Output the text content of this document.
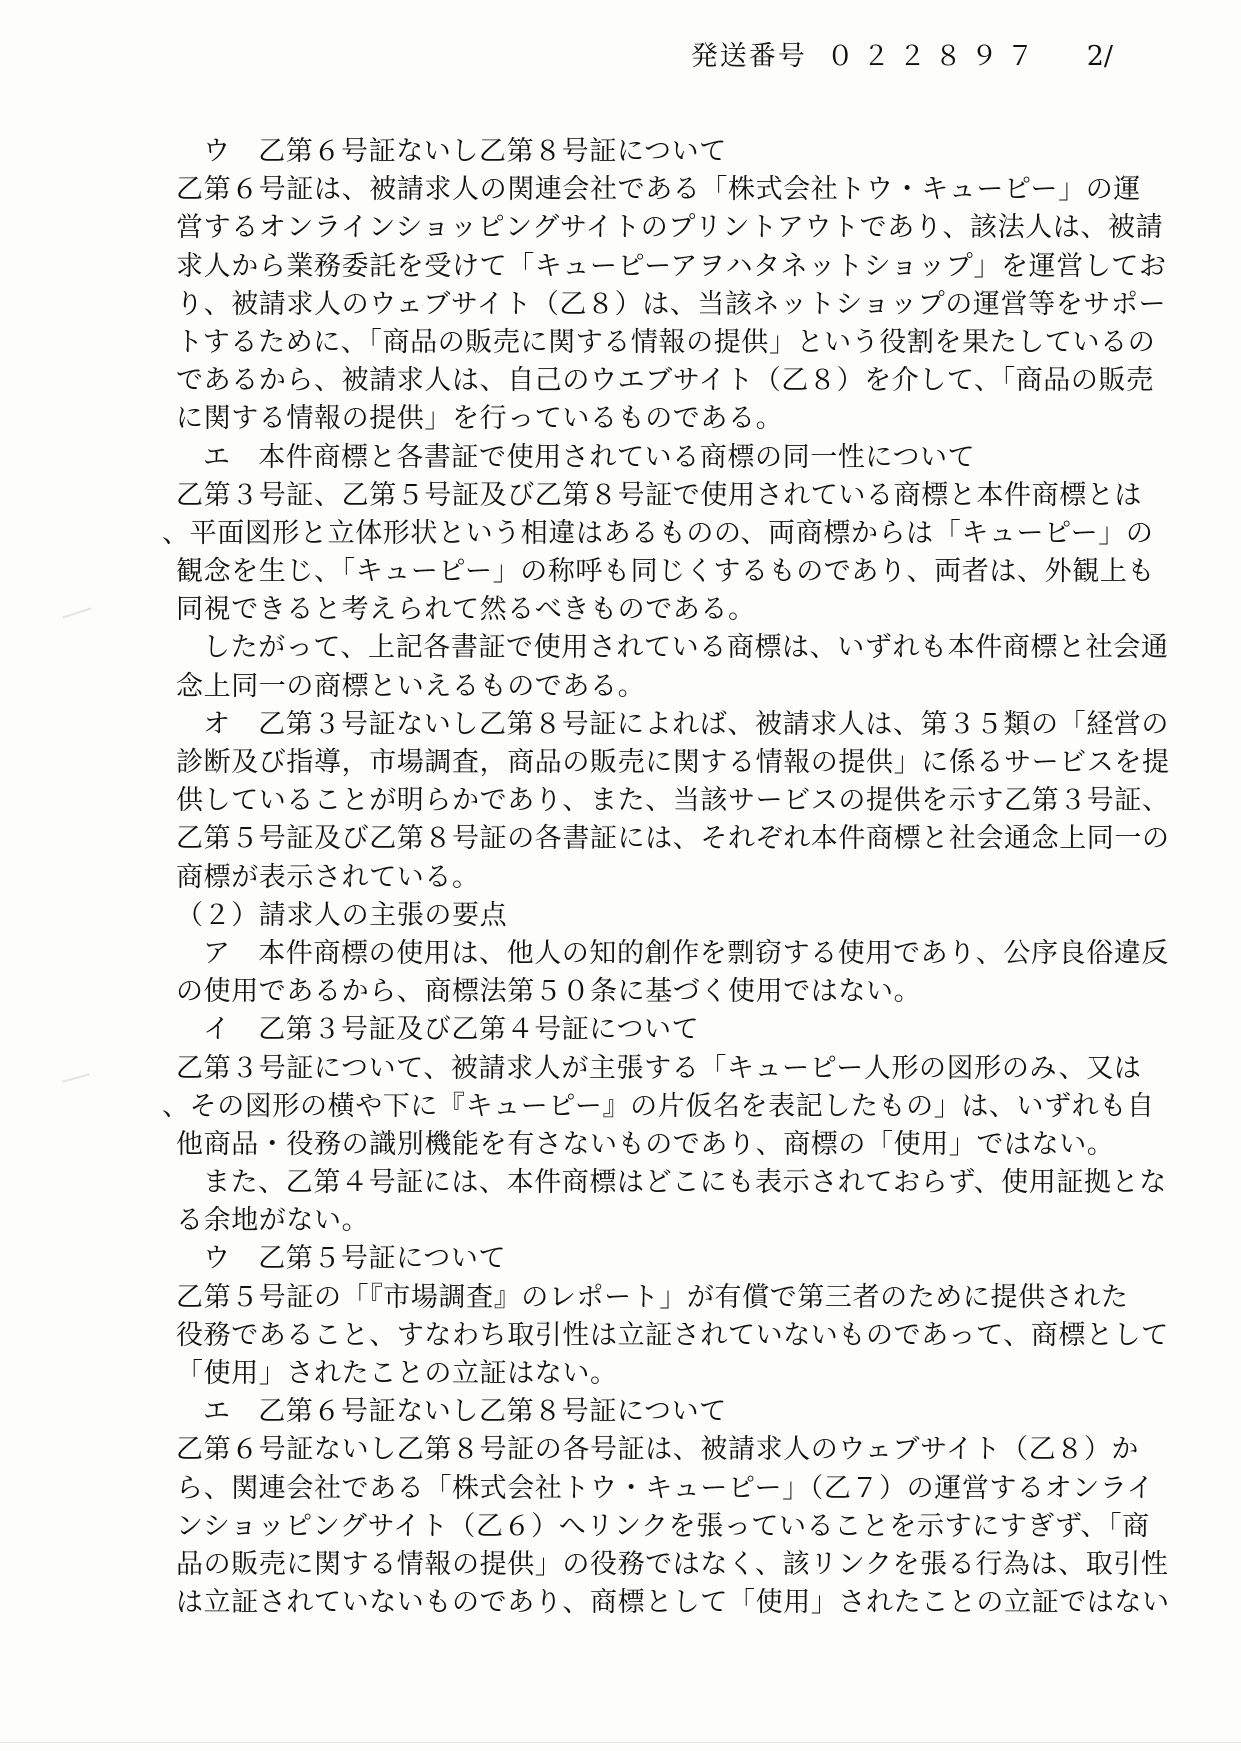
発送番号 ０２２８９７ 2/
ウ　乙第６号証ないし乙第８号証について
乙第６号証は、被請求人の関連会社である「株式会社トウ・キューピー」の運
営するオンラインショッピングサイトのプリントアウトであり、該法人は、被請
求人から業務委託を受けて「キューピーアヲハタネットショップ」を運営してお
り、被請求人のウェブサイト（乙８）は、当該ネットショップの運営等をサポー
トするために、「商品の販売に関する情報の提供」という役割を果たしているの
であるから、被請求人は、自己のウエブサイト（乙８）を介して、「商品の販売
に関する情報の提供」を行っているものである。
エ　本件商標と各書証で使用されている商標の同一性について
乙第３号証、乙第５号証及び乙第８号証で使用されている商標と本件商標とは
、平面図形と立体形状という相違はあるものの、両商標からは「キューピー」の
観念を生じ、「キューピー」の称呼も同じくするものであり、両者は、外観上も
同視できると考えられて然るべきものである。
したがって、上記各書証で使用されている商標は、いずれも本件商標と社会通
念上同一の商標といえるものである。
オ　乙第３号証ないし乙第８号証によれば、被請求人は、第３５類の「経営の
診断及び指導，市場調査，商品の販売に関する情報の提供」に係るサービスを提
供していることが明らかであり、また、当該サービスの提供を示す乙第３号証、
乙第５号証及び乙第８号証の各書証には、それぞれ本件商標と社会通念上同一の
商標が表示されている。
（２）請求人の主張の要点
ア　本件商標の使用は、他人の知的創作を剽窃する使用であり、公序良俗違反
の使用であるから、商標法第５０条に基づく使用ではない。
イ　乙第３号証及び乙第４号証について
乙第３号証について、被請求人が主張する「キューピー人形の図形のみ、又は
、その図形の横や下に『キューピー』の片仮名を表記したもの」は、いずれも自
他商品・役務の識別機能を有さないものであり、商標の「使用」ではない。
また、乙第４号証には、本件商標はどこにも表示されておらず、使用証拠とな
る余地がない。
ウ　乙第５号証について
乙第５号証の「『市場調査』のレポート」が有償で第三者のために提供された
役務であること、すなわち取引性は立証されていないものであって、商標として
「使用」されたことの立証はない。
エ　乙第６号証ないし乙第８号証について
乙第６号証ないし乙第８号証の各号証は、被請求人のウェブサイト（乙８）か
ら、関連会社である「株式会社トウ・キューピー」（乙７）の運営するオンライ
ンショッピングサイト（乙６）へリンクを張っていることを示すにすぎず、「商
品の販売に関する情報の提供」の役務ではなく、該リンクを張る行為は、取引性
は立証されていないものであり、商標として「使用」されたことの立証ではない
